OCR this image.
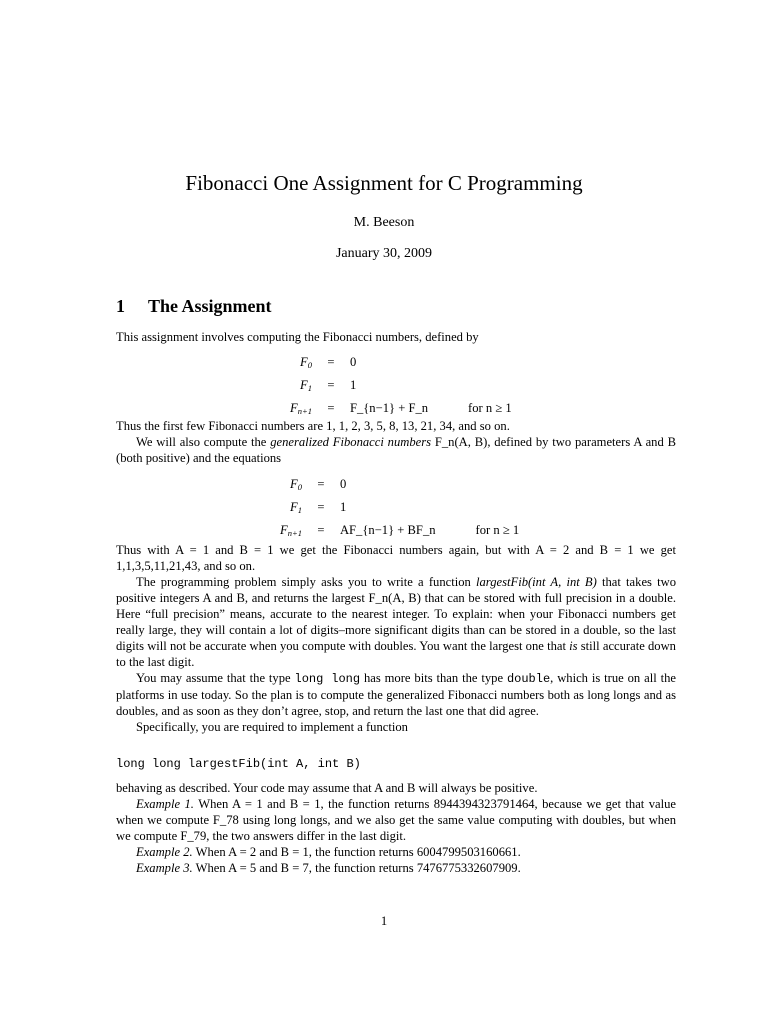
Fibonacci One Assignment for C Programming
M. Beeson
January 30, 2009
1 The Assignment

This assignment involves computing the Fibonacci numbers, defined by

$F_0$	=	0	
$F_1$	=	1	
$F_{n+1}$	=	F_{n−1} + F_n	for n ≥ 1

Thus the first few Fibonacci numbers are 1, 1, 2, 3, 5, 8, 13, 21, 34, and so on.

We will also compute the generalized Fibonacci numbers F_n(A, B), defined by two parameters A and B (both positive) and the equations

$F_0$	=	0	
$F_1$	=	1	
$F_{n+1}$	=	AF_{n−1} + BF_n	for n ≥ 1

Thus with A = 1 and B = 1 we get the Fibonacci numbers again, but with A = 2 and B = 1 we get 1,1,3,5,11,21,43, and so on.

The programming problem simply asks you to write a function largestFib(int A, int B) that takes two positive integers A and B, and returns the largest F_n(A, B) that can be stored with full precision in a double. Here “full precision” means, accurate to the nearest integer. To explain: when your Fibonacci numbers get really large, they will contain a lot of digits–more significant digits than can be stored in a double, so the last digits will not be accurate when you compute with doubles. You want the largest one that is still accurate down to the last digit.

You may assume that the type long long has more bits than the type double, which is true on all the platforms in use today. So the plan is to compute the generalized Fibonacci numbers both as long longs and as doubles, and as soon as they don’t agree, stop, and return the last one that did agree.

Specifically, you are required to implement a function

long long largestFib(int A, int B)

behaving as described. Your code may assume that A and B will always be positive.

Example 1. When A = 1 and B = 1, the function returns 8944394323791464, because we get that value when we compute F_78 using long longs, and we also get the same value computing with doubles, but when we compute F_79, the two answers differ in the last digit.

Example 2. When A = 2 and B = 1, the function returns 6004799503160661.

Example 3. When A = 5 and B = 7, the function returns 7476775332607909.

1
